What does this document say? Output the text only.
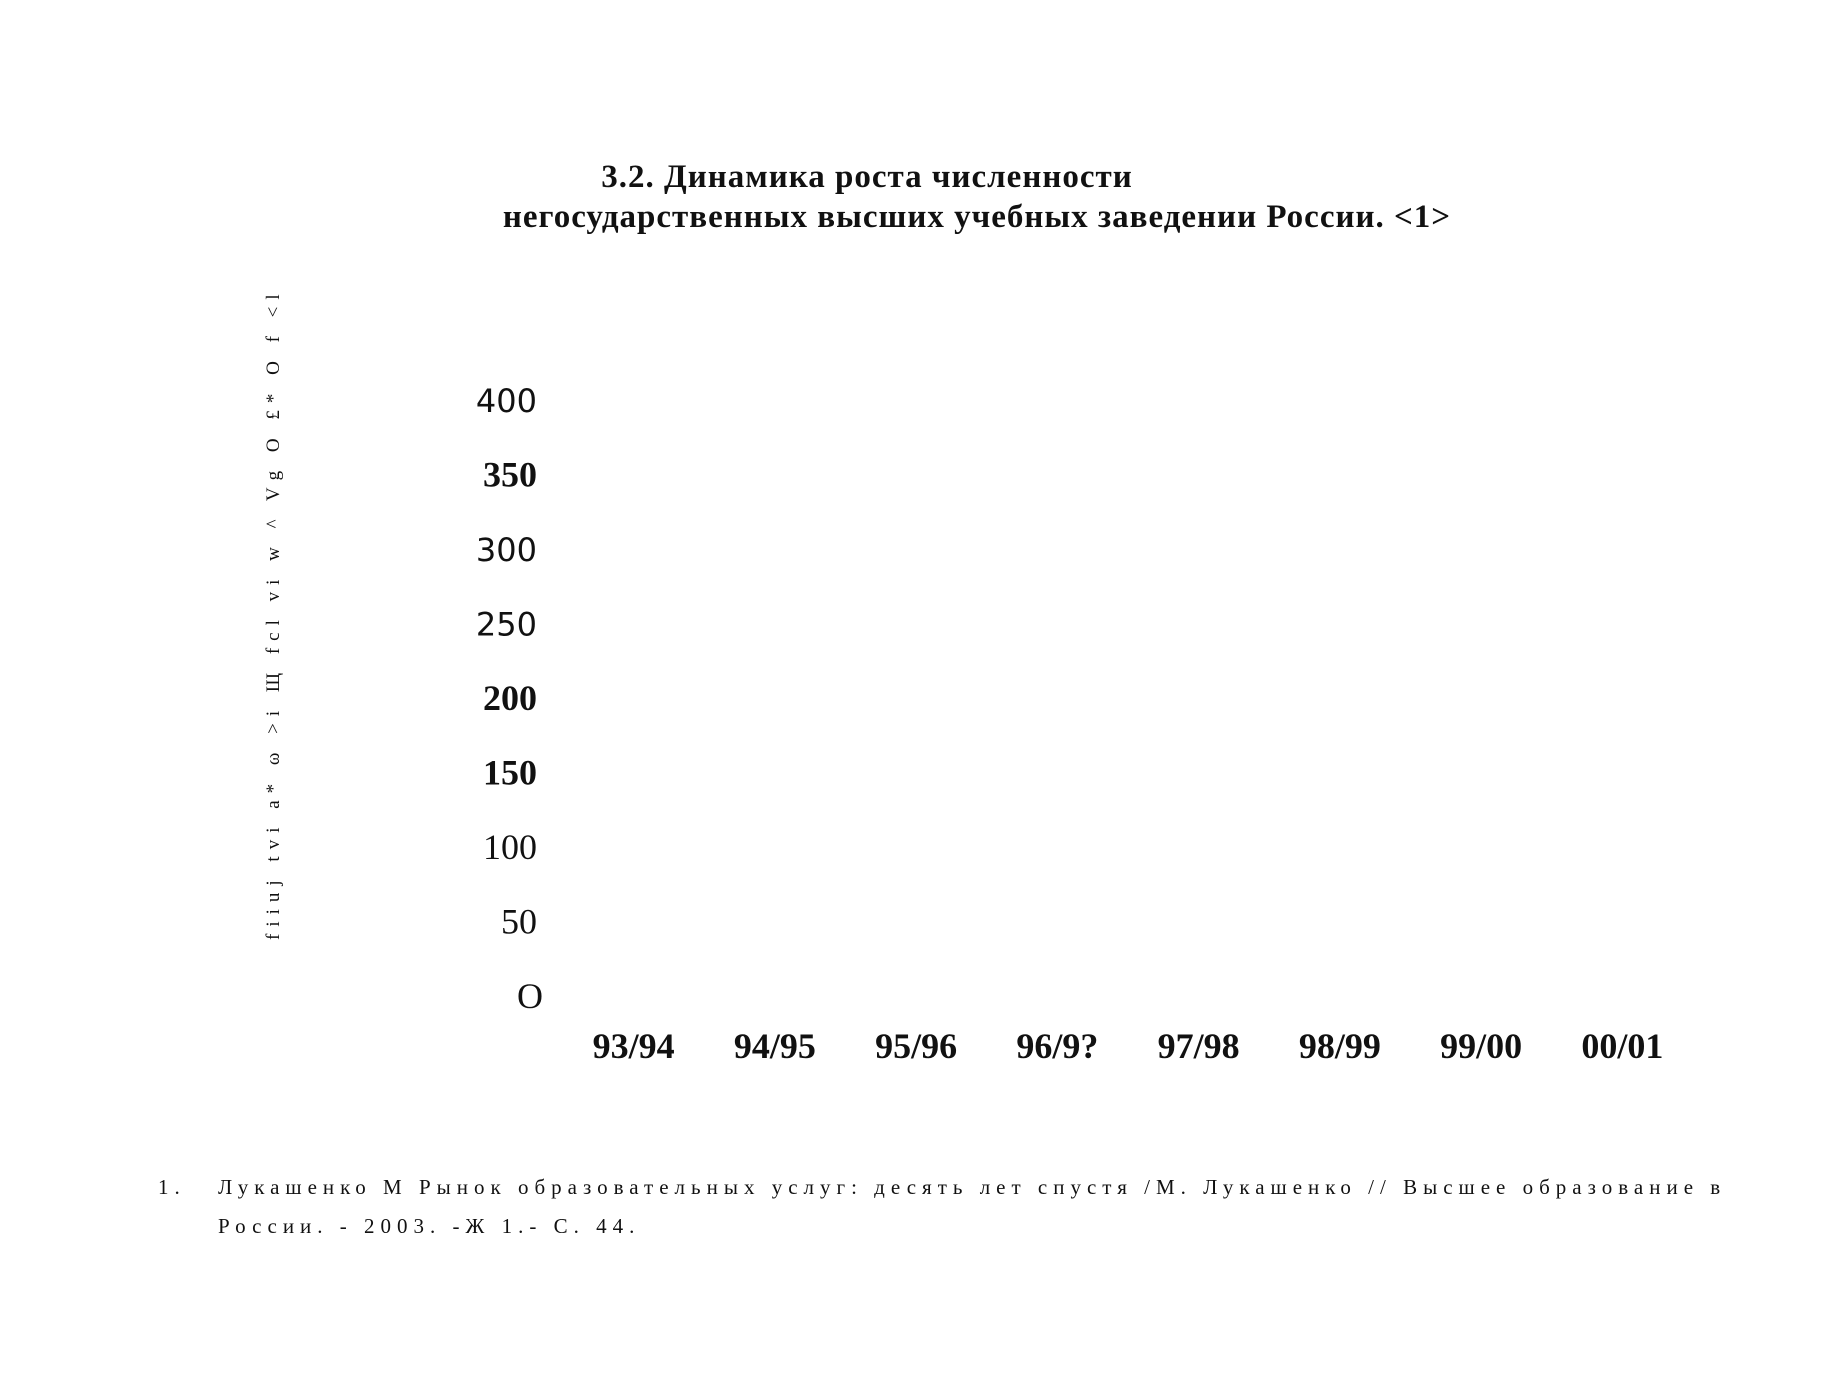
3.2. Динамика роста численности
негосударственных высших учебных заведении России. <1>
fiiuj tvi a* ω >i Щ fcl vi w ^ Vg O £* O f <l
O
50
100
150
200
250
300
350
400
93/94 94/95 95/96 96/9? 97/98 98/99 99/00 00/01
1. Лукашенко М Рынок образовательных услуг: десять лет спустя /М. Лукашенко // Высшее образование в России. - 2003. -Ж 1.- С. 44.
